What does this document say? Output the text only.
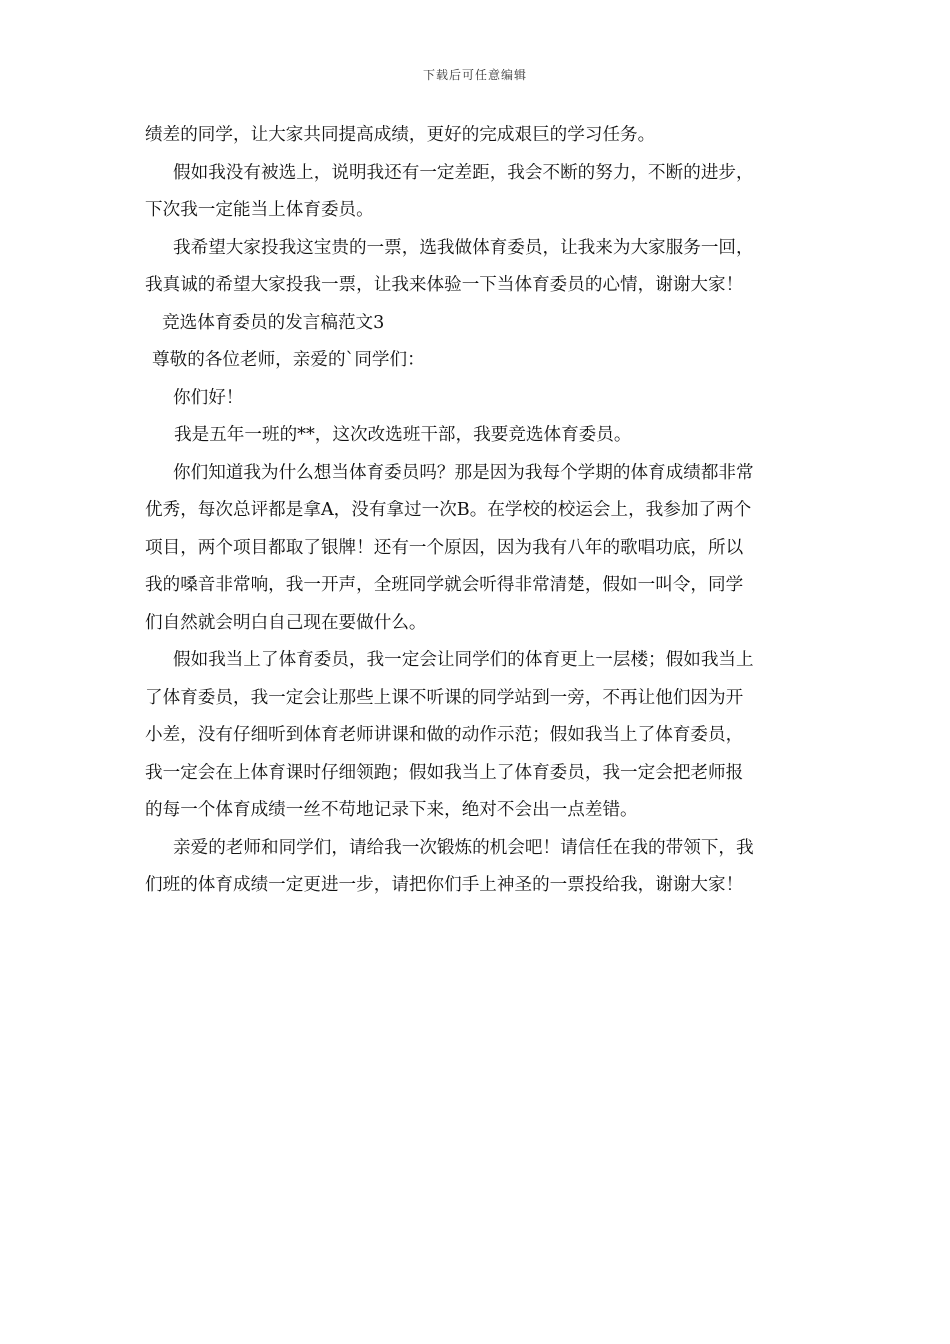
下载后可任意编辑
绩差的同学，让大家共同提高成绩，更好的完成艰巨的学习任务。
假如我没有被选上，说明我还有一定差距，我会不断的努力，不断的进步，
下次我一定能当上体育委员。
我希望大家投我这宝贵的一票，选我做体育委员，让我来为大家服务一回，
我真诚的希望大家投我一票，让我来体验一下当体育委员的心情，谢谢大家！
竞选体育委员的发言稿范文3
尊敬的各位老师，亲爱的`同学们：
你们好！
我是五年一班的**，这次改选班干部，我要竞选体育委员。
你们知道我为什么想当体育委员吗？那是因为我每个学期的体育成绩都非常
优秀，每次总评都是拿A，没有拿过一次B。在学校的校运会上，我参加了两个
项目，两个项目都取了银牌！还有一个原因，因为我有八年的歌唱功底，所以
我的嗓音非常响，我一开声，全班同学就会听得非常清楚，假如一叫令，同学
们自然就会明白自己现在要做什么。
假如我当上了体育委员，我一定会让同学们的体育更上一层楼；假如我当上
了体育委员，我一定会让那些上课不听课的同学站到一旁，不再让他们因为开
小差，没有仔细听到体育老师讲课和做的动作示范；假如我当上了体育委员，
我一定会在上体育课时仔细领跑；假如我当上了体育委员，我一定会把老师报
的每一个体育成绩一丝不苟地记录下来，绝对不会出一点差错。
亲爱的老师和同学们，请给我一次锻炼的机会吧！请信任在我的带领下，我
们班的体育成绩一定更进一步，请把你们手上神圣的一票投给我，谢谢大家！
